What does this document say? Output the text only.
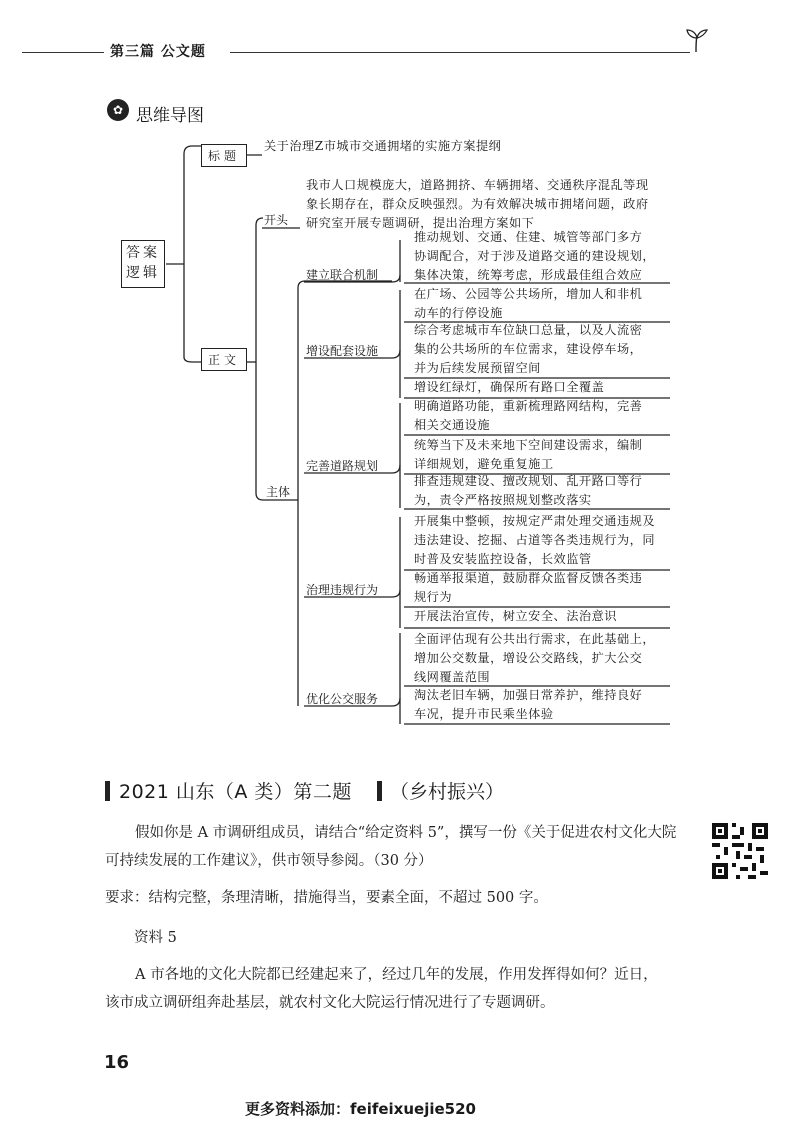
第三篇 公文题
✿ 思维导图
答案逻辑
标题
关于治理Z市城市交通拥堵的实施方案提纲
正文
开头
我市人口规模庞大，道路拥挤、车辆拥堵、交通秩序混乱等现
象长期存在，群众反映强烈。为有效解决城市拥堵问题，政府
研究室开展专题调研，提出治理方案如下
主体
建立联合机制
增设配套设施
完善道路规划
治理违规行为
优化公交服务
推动规划、交通、住建、城管等部门多方
协调配合，对于涉及道路交通的建设规划，
集体决策，统筹考虑，形成最佳组合效应
在广场、公园等公共场所，增加人和非机
动车的行停设施
综合考虑城市车位缺口总量，以及人流密
集的公共场所的车位需求，建设停车场，
并为后续发展预留空间
增设红绿灯，确保所有路口全覆盖
明确道路功能，重新梳理路网结构，完善
相关交通设施
统筹当下及未来地下空间建设需求，编制
详细规划，避免重复施工
排查违规建设、擅改规划、乱开路口等行
为，责令严格按照规划整改落实
开展集中整顿，按规定严肃处理交通违规及
违法建设、挖掘、占道等各类违规行为，同
时普及安装监控设备，长效监管
畅通举报渠道，鼓励群众监督反馈各类违
规行为
开展法治宣传，树立安全、法治意识
全面评估现有公共出行需求，在此基础上，
增加公交数量，增设公交路线，扩大公交
线网覆盖范围
淘汰老旧车辆，加强日常养护，维持良好
车况，提升市民乘坐体验
2021 山东（A 类）第二题 （乡村振兴）
假如你是 A 市调研组成员，请结合“给定资料 5”，撰写一份《关于促进农村文化大院
可持续发展的工作建议》，供市领导参阅。（30 分）
要求：结构完整，条理清晰，措施得当，要素全面，不超过 500 字。
资料 5
A 市各地的文化大院都已经建起来了，经过几年的发展，作用发挥得如何？近日，
该市成立调研组奔赴基层，就农村文化大院运行情况进行了专题调研。
16
更多资料添加：feifeixuejie520
